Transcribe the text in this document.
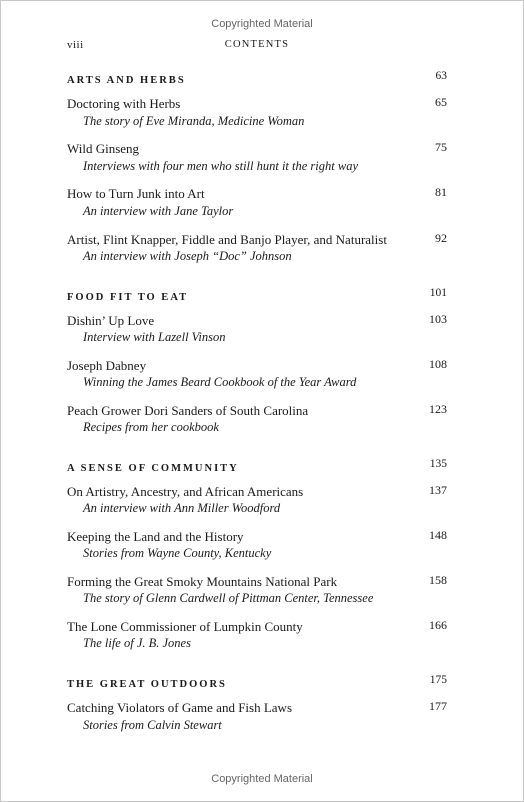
Copyrighted Material
viii	CONTENTS
ARTS AND HERBS	63
Doctoring with Herbs	65
The story of Eve Miranda, Medicine Woman
Wild Ginseng	75
Interviews with four men who still hunt it the right way
How to Turn Junk into Art	81
An interview with Jane Taylor
Artist, Flint Knapper, Fiddle and Banjo Player, and Naturalist	92
An interview with Joseph “Doc” Johnson
FOOD FIT TO EAT	101
Dishin’ Up Love	103
Interview with Lazell Vinson
Joseph Dabney	108
Winning the James Beard Cookbook of the Year Award
Peach Grower Dori Sanders of South Carolina	123
Recipes from her cookbook
A SENSE OF COMMUNITY	135
On Artistry, Ancestry, and African Americans	137
An interview with Ann Miller Woodford
Keeping the Land and the History	148
Stories from Wayne County, Kentucky
Forming the Great Smoky Mountains National Park	158
The story of Glenn Cardwell of Pittman Center, Tennessee
The Lone Commissioner of Lumpkin County	166
The life of J. B. Jones
THE GREAT OUTDOORS	175
Catching Violators of Game and Fish Laws	177
Stories from Calvin Stewart
Copyrighted Material
